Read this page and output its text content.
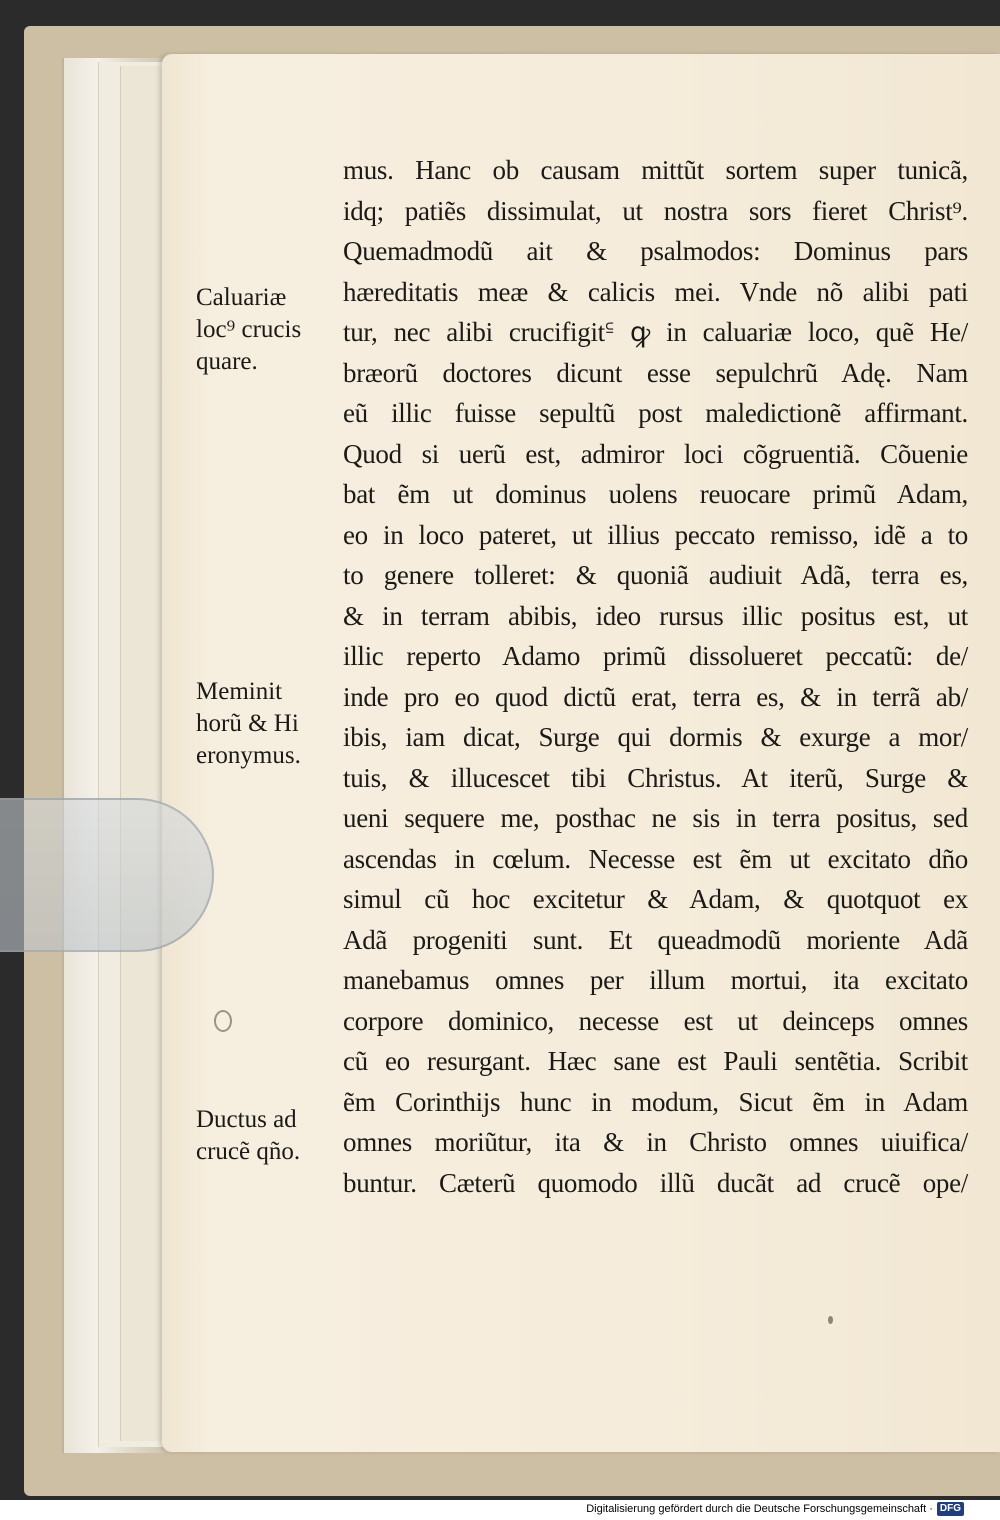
mus. Hanc ob causam mittũt sortem super tunicã,
idq; patiẽs dissimulat, ut nostra sors fieret Christ⁹.
Quemadmodũ ait & psalmodos: Dominus pars
hæreditatis meæ & calicis mei. Vnde nõ alibi pati
tur, nec alibi crucifigit꜃ ꝙ in caluariæ loco, quẽ He/
bræorũ doctores dicunt esse sepulchrũ Adę. Nam
eũ illic fuisse sepultũ post maledictionẽ affirmant.
Quod si uerũ est, admiror loci cõgruentiã. Cõuenie
bat ẽm ut dominus uolens reuocare primũ Adam,
eo in loco pateret, ut illius peccato remisso, idẽ a to
to genere tolleret: & quoniã audiuit Adã, terra es,
& in terram abibis, ideo rursus illic positus est, ut
illic reperto Adamo primũ dissolueret peccatũ: de/
inde pro eo quod dictũ erat, terra es, & in terrã ab/
ibis, iam dicat, Surge qui dormis & exurge a mor/
tuis, & illucescet tibi Christus. At iterũ, Surge &
ueni sequere me, posthac ne sis in terra positus, sed
ascendas in cœlum. Necesse est ẽm ut excitato dño
simul cũ hoc excitetur & Adam, & quotquot ex
Adã progeniti sunt. Et queadmodũ moriente Adã
manebamus omnes per illum mortui, ita excitato
corpore dominico, necesse est ut deinceps omnes
cũ eo resurgant. Hæc sane est Pauli sentẽtia. Scribit
ẽm Corinthijs hunc in modum, Sicut ẽm in Adam
omnes moriũtur, ita & in Christo omnes uiuifica/
buntur. Cæterũ quomodo illũ ducãt ad crucẽ ope/
Caluariæ
loc⁹ crucis
quare.
Meminit
horũ & Hi
eronymus.
Ductus ad
crucẽ qño.
Digitalisierung gefördert durch die Deutsche Forschungsgemeinschaft · DFG
